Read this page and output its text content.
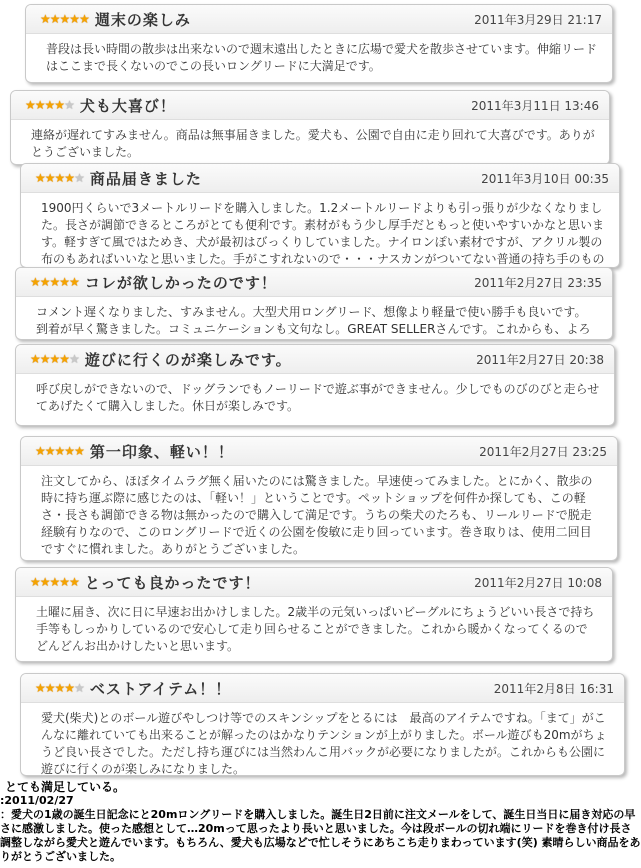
★ ★ ★ ★ ★ 週末の楽しみ	2011年3月29日 21:17
普段は長い時間の散歩は出来ないので週末遠出したときに広場で愛犬を散歩させています。伸縮リードはここまで長くないのでこの長いロングリードに大満足です。
★ ★ ★ ★ ★ 犬も大喜び！	2011年3月11日 13:46
連絡が遅れてすみません。商品は無事届きました。愛犬も、公園で自由に走り回れて大喜びです。ありがとうございました。
★ ★ ★ ★ ★ 商品届きました	2011年3月10日 00:35
1900円くらいで3メートルリードを購入しました。1.2メートルリードよりも引っ張りが少なくなりました。長さが調節できるところがとても便利です。素材がもう少し厚手だともっと使いやすいかなと思います。軽すぎて風ではためき、犬が最初はびっくりしていました。ナイロンぽい素材ですが、アクリル製の布のもあればいいなと思いました。手がこすれないので・・・ナスカンがついてない普通の持ち手のもの
★ ★ ★ ★ ★ コレが欲しかったのです！	2011年2月27日 23:35
コメント遅くなりました、すみません。大型犬用ロングリード、想像より軽量で使い勝手も良いです。到着が早く驚きました。コミュニケーションも文句なし。GREAT SELLERさんです。これからも、よろ
★ ★ ★ ★ ★ 遊びに行くのが楽しみです。	2011年2月27日 20:38
呼び戻しができないので、ドッグランでもノーリードで遊ぶ事ができません。少しでものびのびと走らせてあげたくて購入しました。休日が楽しみです。
★ ★ ★ ★ ★ 第一印象、軽い！！	2011年2月27日 23:25
注文してから、ほぼタイムラグ無く届いたのには驚きました。早速使ってみました。とにかく、散歩の時に持ち運ぶ際に感じたのは、「軽い！」ということです。ペットショップを何件か探しても、この軽さ・長さも調節できる物は無かったので購入して満足です。うちの柴犬のたろも、リールリードで脱走経験有りなので、このロングリードで近くの公園を俊敏に走り回っています。巻き取りは、使用二回目ですぐに慣れました。ありがとうございました。
★ ★ ★ ★ ★ とっても良かったです！	2011年2月27日 10:08
土曜に届き、次に日に早速お出かけしました。2歳半の元気いっぱいビーグルにちょうどいい長さで持ち手等もしっかりしているので安心して走り回らせることができました。これから暖かくなってくるのでどんどんお出かけしたいと思います。
★ ★ ★ ★ ★ ベストアイテム！！	2011年2月8日 16:31
愛犬(柴犬)とのボール遊びやしつけ等でのスキンシップをとるには　最高のアイテムですね。「まて」がこんなに離れていても出来ることが解ったのはかなりテンションが上がりました。ボール遊びも20mがちょうど良い長さでした。ただし持ち運びには当然わんこ用バックが必要になりましたが。これからも公園に遊びに行くのが楽しみになりました。
とても満足している。
:2011/02/27
：愛犬の1歳の誕生日記念にと20mロングリードを購入しました。誕生日2日前に注文メールをして、誕生日当日に届き対応の早さに感激しました。使った感想として…20mって思ったより長いと思いました。今は段ボールの切れ端にリードを巻き付け長さ調整しながら愛犬と遊んでいます。もちろん、愛犬も広場などで忙しそうにあちこち走りまわっています(笑) 素晴らしい商品をありがとうございました。
